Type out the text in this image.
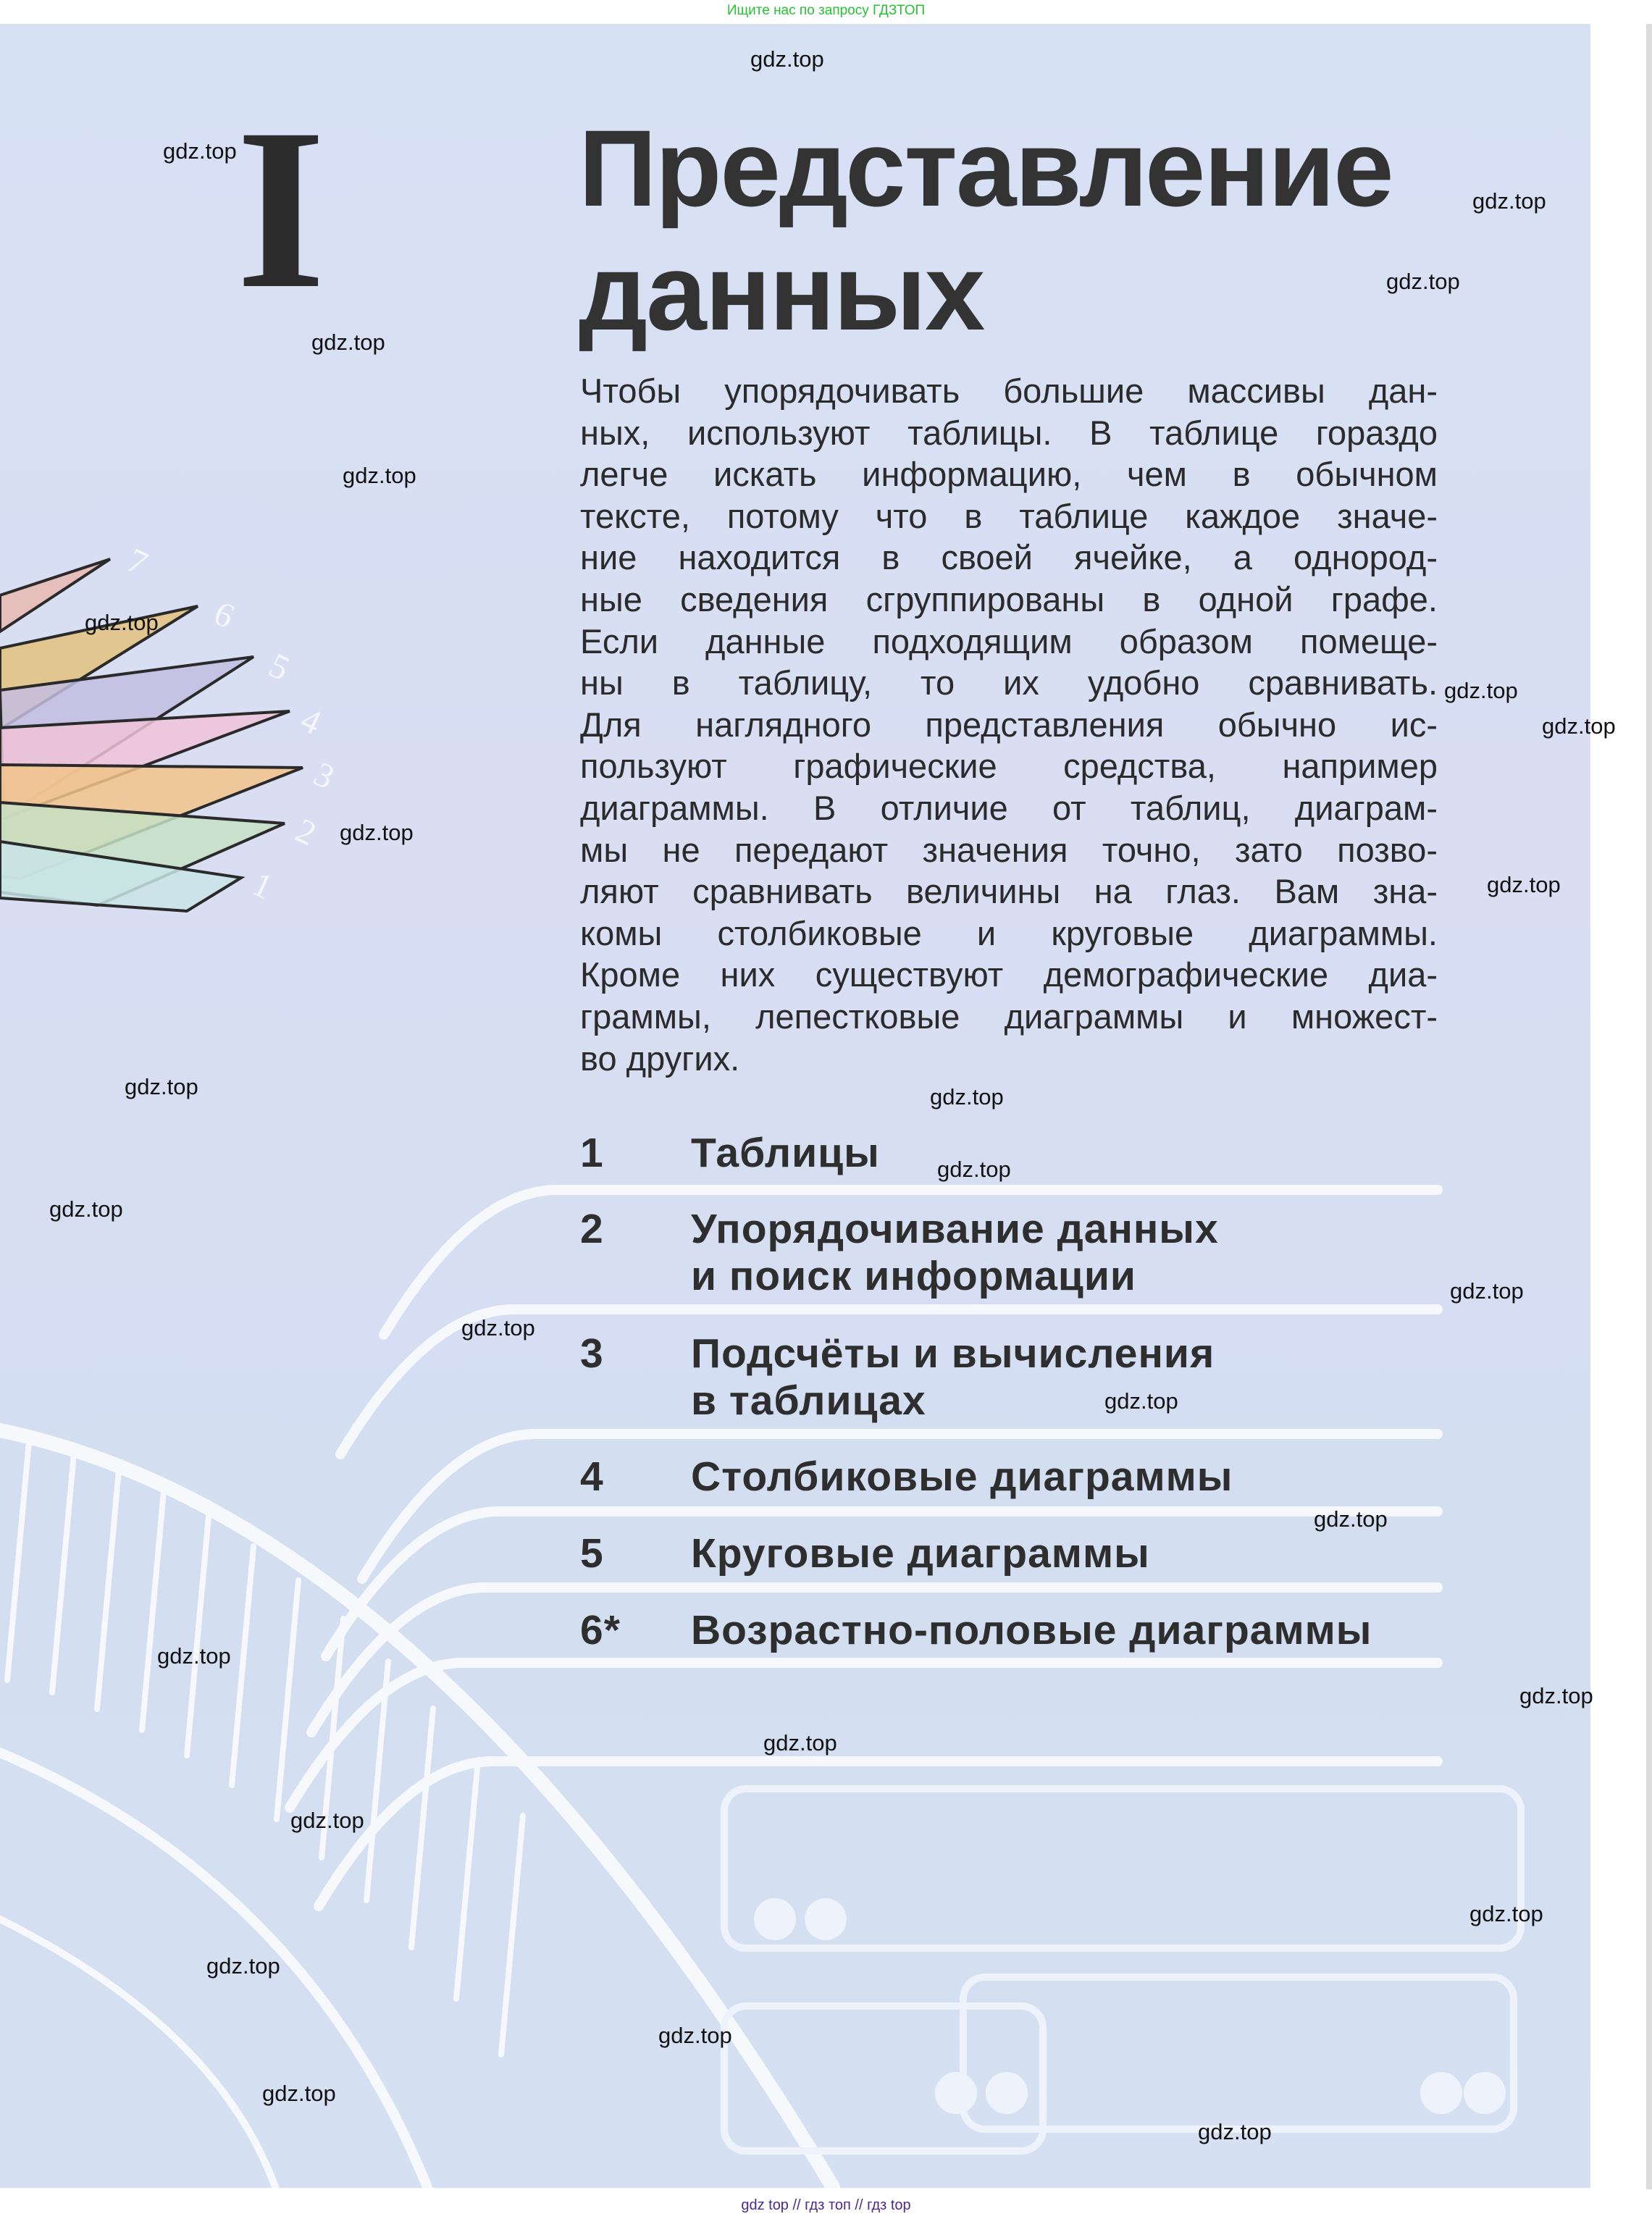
Ищите нас по запросу ГДЗТОП
7
6
5
4
3
2
1
I Представление
данных
Чтобы упорядочивать большие массивы дан-
ных, используют таблицы. В таблице гораздо
легче искать информацию, чем в обычном
тексте, потому что в таблице каждое значе-
ние находится в своей ячейке, а однород-
ные сведения сгруппированы в одной графе.
Если данные подходящим образом помеще-
ны в таблицу, то их удобно сравнивать.
Для наглядного представления обычно ис-
пользуют графические средства, например
диаграммы. В отличие от таблиц, диаграм-
мы не передают значения точно, зато позво-
ляют сравнивать величины на глаз. Вам зна-
комы столбиковые и круговые диаграммы.
Кроме них существуют демографические диа-
граммы, лепестковые диаграммы и множест-
во других.
1 Таблицы
2 Упорядочивание данных
и поиск информации
3 Подсчёты и вычисления
в таблицах
4 Столбиковые диаграммы
5 Круговые диаграммы
6* Возрастно-половые диаграммы
gdz.top
gdz.top
gdz.top
gdz.top
gdz.top
gdz.top
gdz.top
gdz.top
gdz.top
gdz.top
gdz.top
gdz.top
gdz.top
gdz.top
gdz.top
gdz.top
gdz.top
gdz.top
gdz.top
gdz.top
gdz.top
gdz.top
gdz.top
gdz.top
gdz.top
gdz.top
gdz.top
gdz.top
gdz top // гдз топ // гдз top
